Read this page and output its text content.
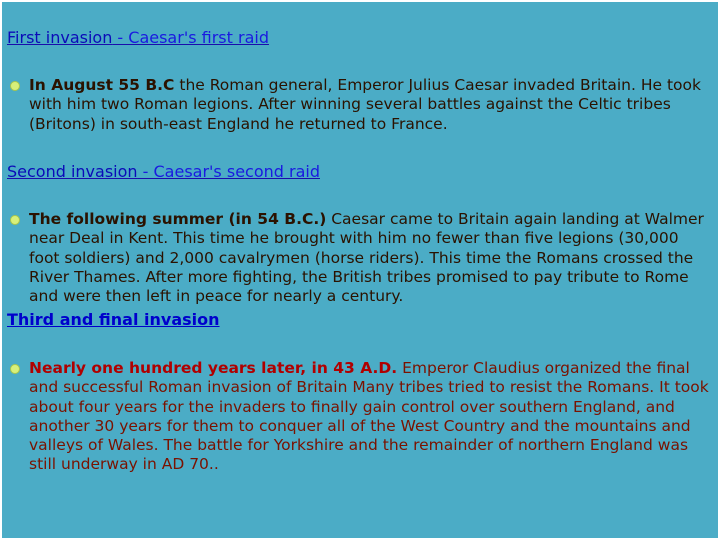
First invasion - Caesar's first raid
In August 55 B.C the Roman general, Emperor Julius Caesar invaded Britain. He took with him two Roman legions. After winning several battles against the Celtic tribes (Britons) in south-east England he returned to France.
Second invasion - Caesar's second raid
The following summer (in 54 B.C.) Caesar came to Britain again landing at Walmer near Deal in Kent. This time he brought with him no fewer than five legions (30,000 foot soldiers) and 2,000 cavalrymen (horse riders). This time the Romans crossed the River Thames. After more fighting, the British tribes promised to pay tribute to Rome and were then left in peace for nearly a century.
Third and final invasion
Nearly one hundred years later, in 43 A.D. Emperor Claudius organized the final and successful Roman invasion of Britain Many tribes tried to resist the Romans. It took about four years for the invaders to finally gain control over southern England, and another 30 years for them to conquer all of the West Country and the mountains and valleys of Wales. The battle for Yorkshire and the remainder of northern England was still underway in AD 70..
